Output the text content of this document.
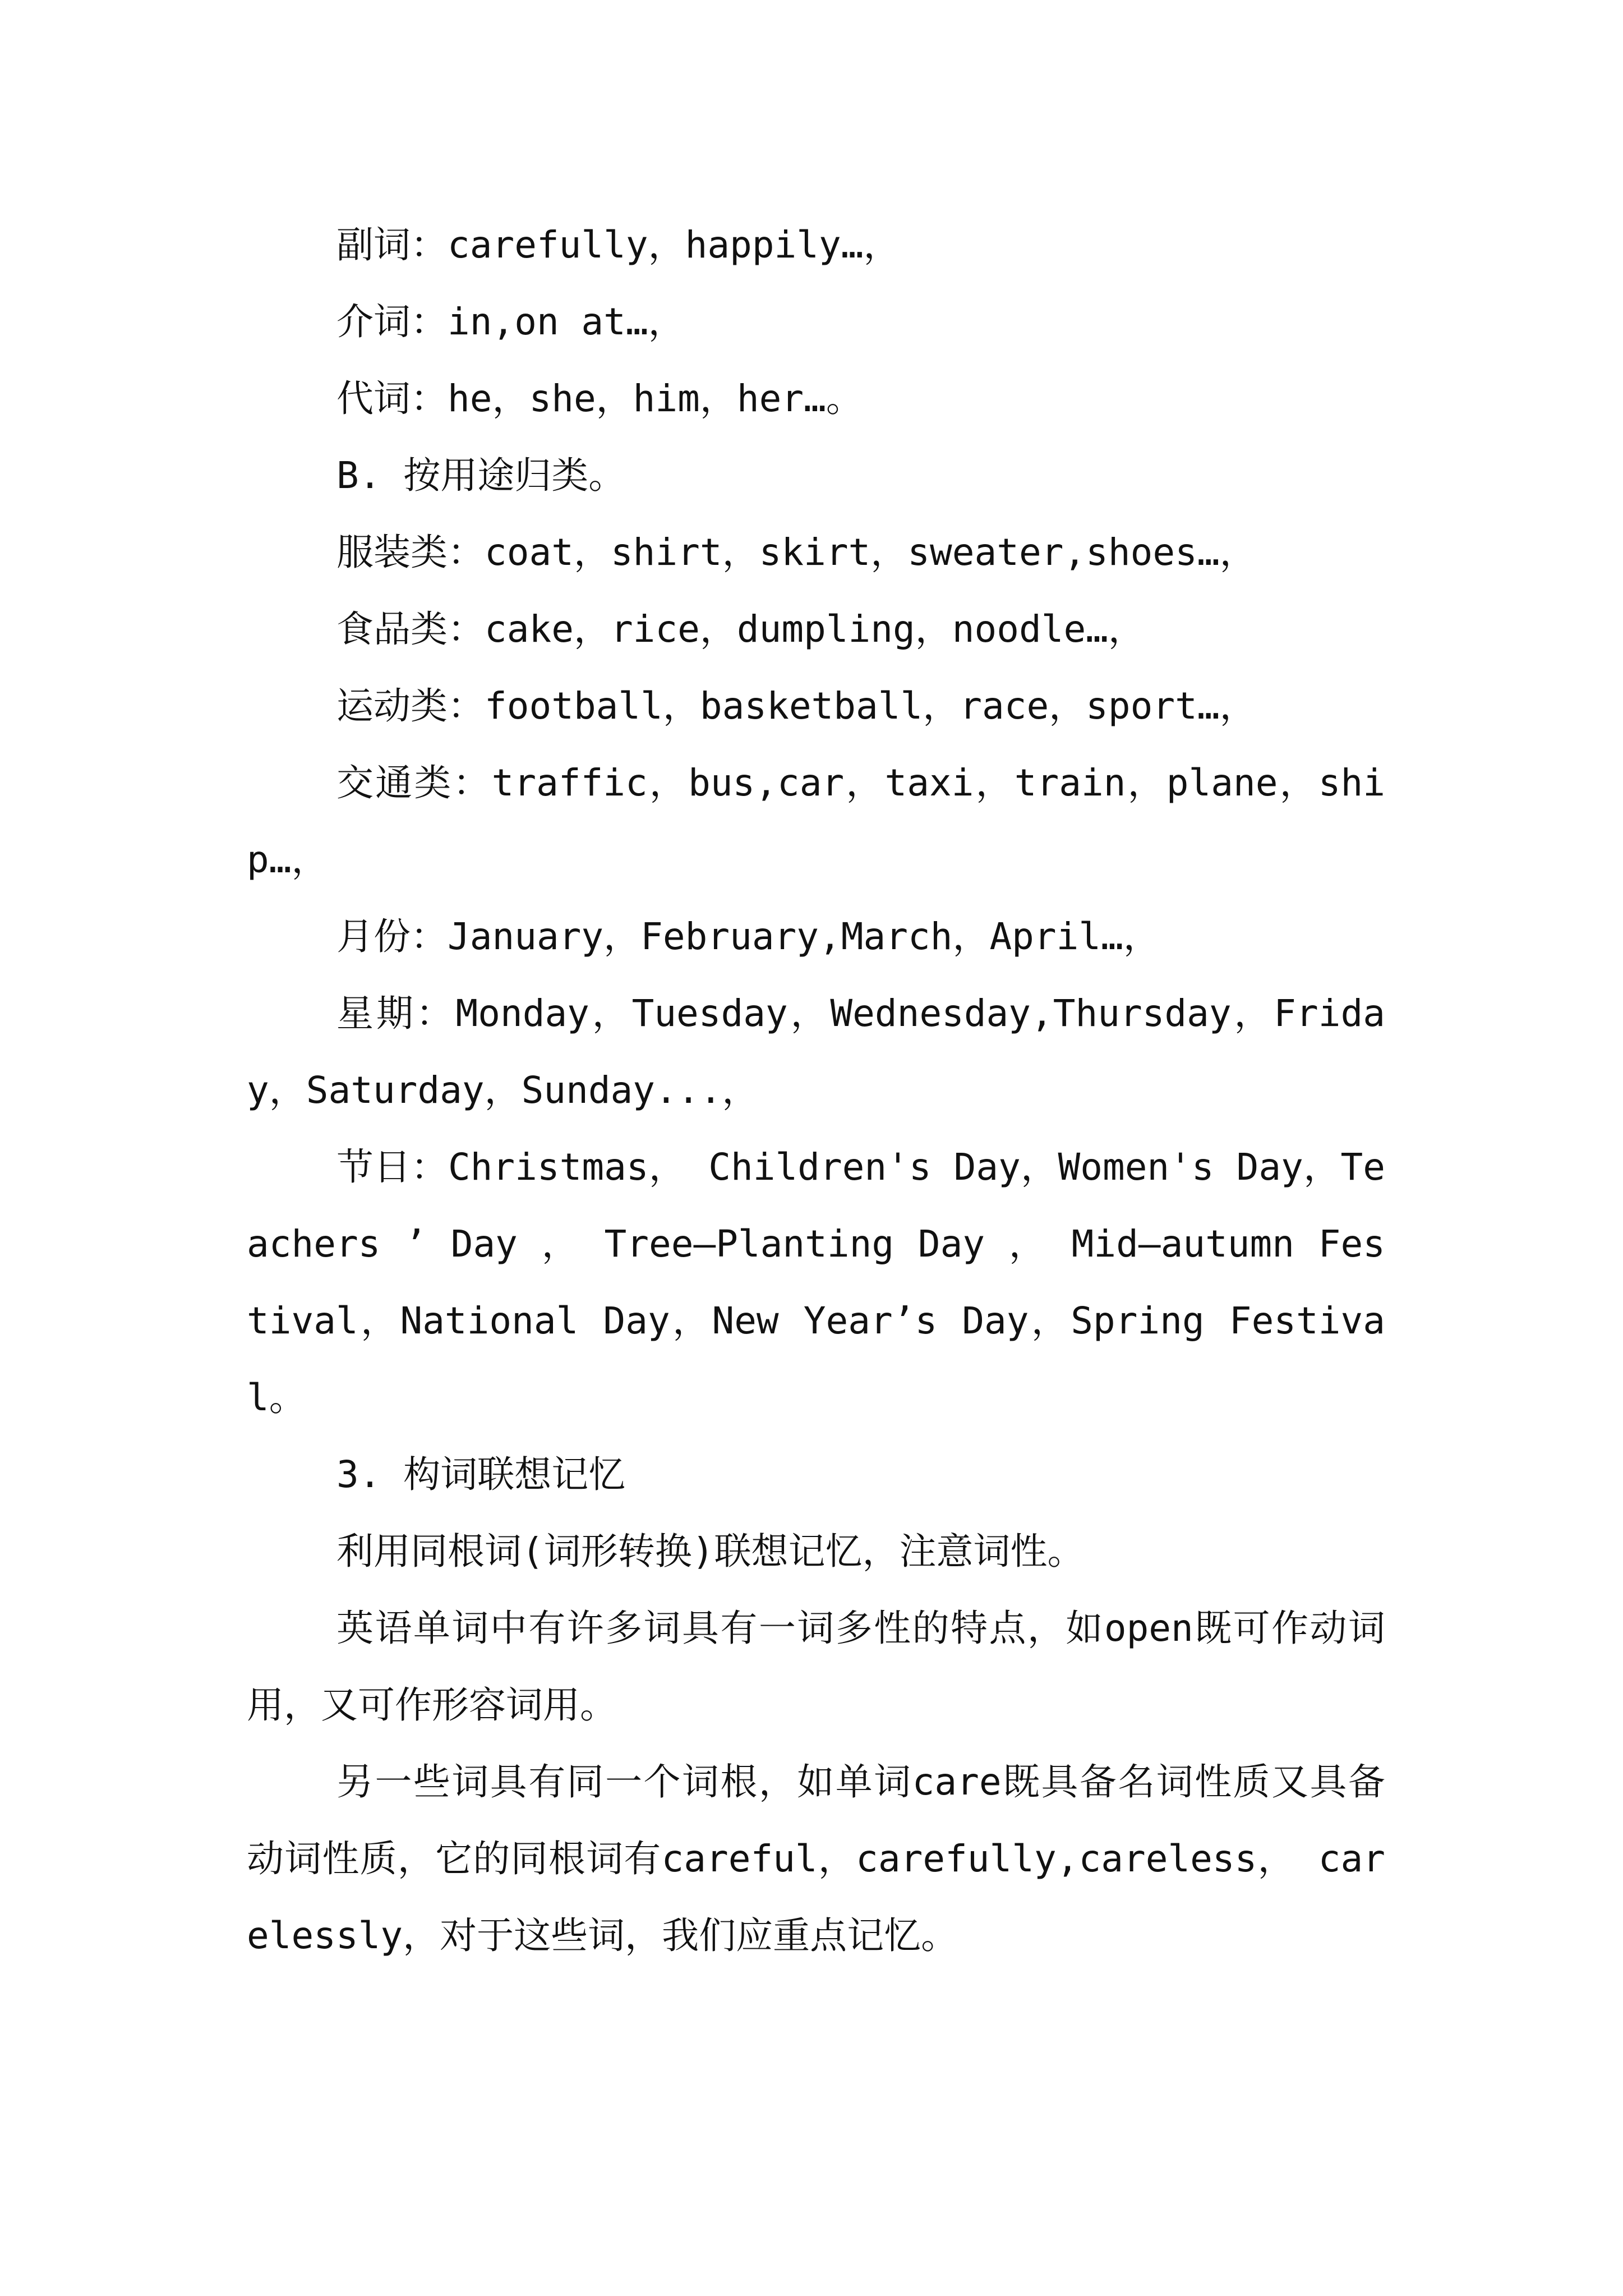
副词：carefully，happily…，

介词：in,on at…，

代词：he，she，him，her…。

B. 按用途归类。

服装类：coat，shirt，skirt，sweater,shoes…，

食品类：cake，rice，dumpling，noodle…，

运动类：football，basketball，race，sport…，

交通类：traffic，bus,car，taxi，train，plane，ship…，

月份：January，February,March，April…，

星期：Monday，Tuesday，Wednesday,Thursday，Friday，Saturday，Sunday...，

节日：Christmas， Children's Day，Women's Day，Teachers ’ Day ， Tree—Planting Day ， Mid—autumn Festival，National Day，New Year’s Day，Spring Festival。

3. 构词联想记忆

利用同根词(词形转换)联想记忆，注意词性。

英语单词中有许多词具有一词多性的特点，如open既可作动词用，又可作形容词用。

另一些词具有同一个词根，如单词care既具备名词性质又具备动词性质，它的同根词有careful，carefully,careless， carelessly，对于这些词，我们应重点记忆。
